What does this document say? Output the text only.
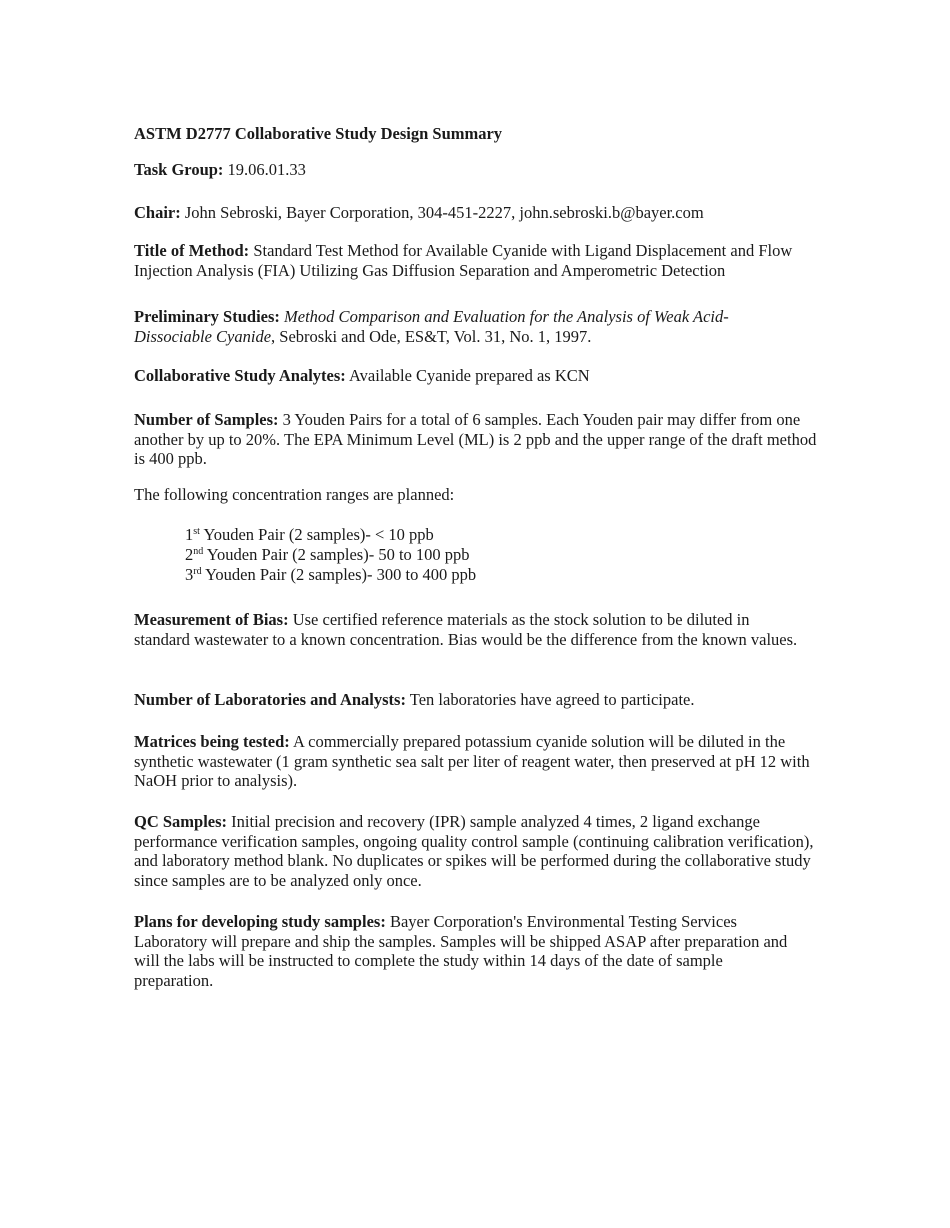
ASTM D2777 Collaborative Study Design Summary

Task Group: 19.06.01.33

Chair: John Sebroski, Bayer Corporation, 304-451-2227, john.sebroski.b@bayer.com

Title of Method: Standard Test Method for Available Cyanide with Ligand Displacement and Flow Injection Analysis (FIA) Utilizing Gas Diffusion Separation and Amperometric Detection

Preliminary Studies: Method Comparison and Evaluation for the Analysis of Weak Acid-Dissociable Cyanide, Sebroski and Ode, ES&T, Vol. 31, No. 1, 1997.

Collaborative Study Analytes: Available Cyanide prepared as KCN

Number of Samples: 3 Youden Pairs for a total of 6 samples. Each Youden pair may differ from one another by up to 20%. The EPA Minimum Level (ML) is 2 ppb and the upper range of the draft method is 400 ppb.

The following concentration ranges are planned:

1st Youden Pair (2 samples)- < 10 ppb
2nd Youden Pair (2 samples)- 50 to 100 ppb
3rd Youden Pair (2 samples)- 300 to 400 ppb

Measurement of Bias: Use certified reference materials as the stock solution to be diluted in standard wastewater to a known concentration. Bias would be the difference from the known values.

Number of Laboratories and Analysts: Ten laboratories have agreed to participate.

Matrices being tested: A commercially prepared potassium cyanide solution will be diluted in the synthetic wastewater (1 gram synthetic sea salt per liter of reagent water, then preserved at pH 12 with NaOH prior to analysis).

QC Samples: Initial precision and recovery (IPR) sample analyzed 4 times, 2 ligand exchange performance verification samples, ongoing quality control sample (continuing calibration verification), and laboratory method blank. No duplicates or spikes will be performed during the collaborative study since samples are to be analyzed only once.

Plans for developing study samples: Bayer Corporation's Environmental Testing Services Laboratory will prepare and ship the samples. Samples will be shipped ASAP after preparation and will the labs will be instructed to complete the study within 14 days of the date of sample preparation.
